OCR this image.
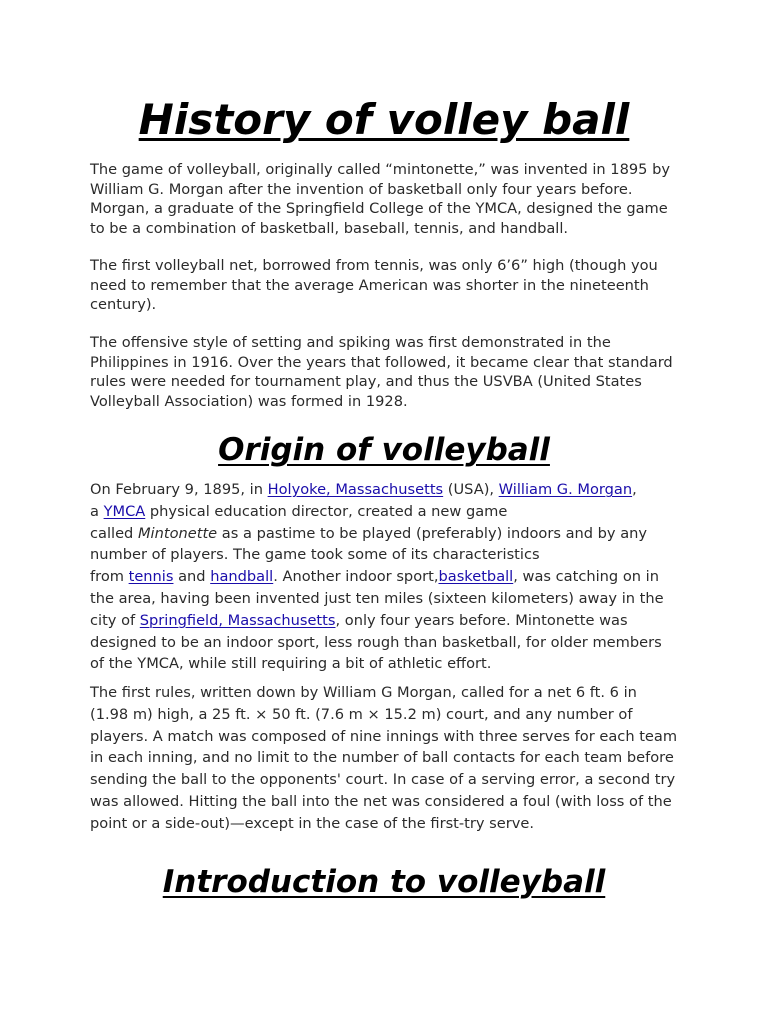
History of volley ball

The game of volleyball, originally called “mintonette,” was invented in 1895 by William G. Morgan after the invention of basketball only four years before. Morgan, a graduate of the Springfield College of the YMCA, designed the game to be a combination of basketball, baseball, tennis, and handball.

The first volleyball net, borrowed from tennis, was only 6’6” high (though you need to remember that the average American was shorter in the nineteenth century).

The offensive style of setting and spiking was first demonstrated in the Philippines in 1916. Over the years that followed, it became clear that standard rules were needed for tournament play, and thus the USVBA (United States Volleyball Association) was formed in 1928.

Origin of volleyball

On February 9, 1895, in Holyoke, Massachusetts (USA), William G. Morgan,
a YMCA physical education director, created a new game
called Mintonette as a pastime to be played (preferably) indoors and by any number of players. The game took some of its characteristics
from tennis and handball. Another indoor sport,basketball, was catching on in the area, having been invented just ten miles (sixteen kilometers) away in the city of Springfield, Massachusetts, only four years before. Mintonette was designed to be an indoor sport, less rough than basketball, for older members of the YMCA, while still requiring a bit of athletic effort.

The first rules, written down by William G Morgan, called for a net 6 ft. 6 in (1.98 m) high, a 25 ft. × 50 ft. (7.6 m × 15.2 m) court, and any number of players. A match was composed of nine innings with three serves for each team in each inning, and no limit to the number of ball contacts for each team before sending the ball to the opponents' court. In case of a serving error, a second try was allowed. Hitting the ball into the net was considered a foul (with loss of the point or a side-out)—except in the case of the first-try serve.

Introduction to volleyball
